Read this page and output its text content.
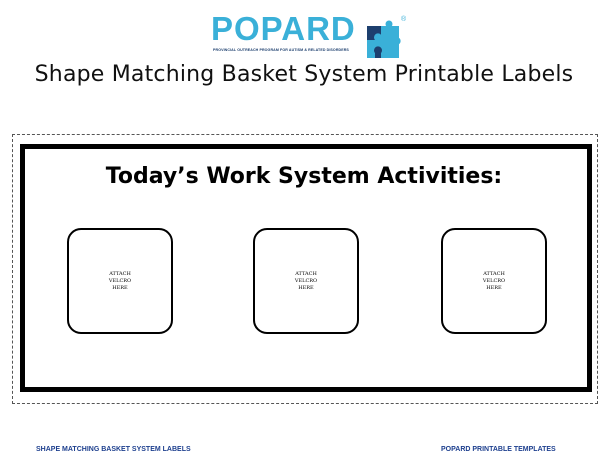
POPARD	®
PROVINCIAL OUTREACH PROGRAM FOR AUTISM & RELATED DISORDERS
Shape Matching Basket System Printable Labels
Today’s Work System Activities:
ATTACH
VELCRO
HERE
ATTACH
VELCRO
HERE
ATTACH
VELCRO
HERE
SHAPE MATCHING BASKET SYSTEM LABELS	POPARD PRINTABLE TEMPLATES
